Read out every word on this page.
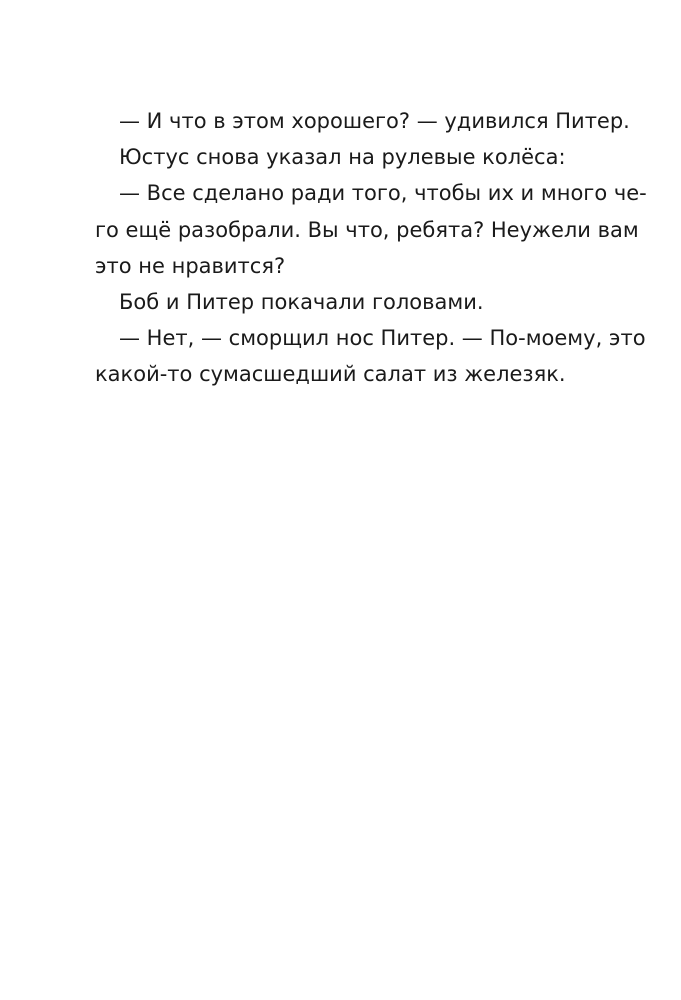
— И что в этом хорошего? — удивился Питер.
Юстус снова указал на рулевые колёса:
— Все сделано ради того, чтобы их и много че-
го ещё разобрали. Вы что, ребята? Неужели вам
это не нравится?
Боб и Питер покачали головами.
— Нет, — сморщил нос Питер. — По-моему, это
какой-то сумасшедший салат из железяк.
